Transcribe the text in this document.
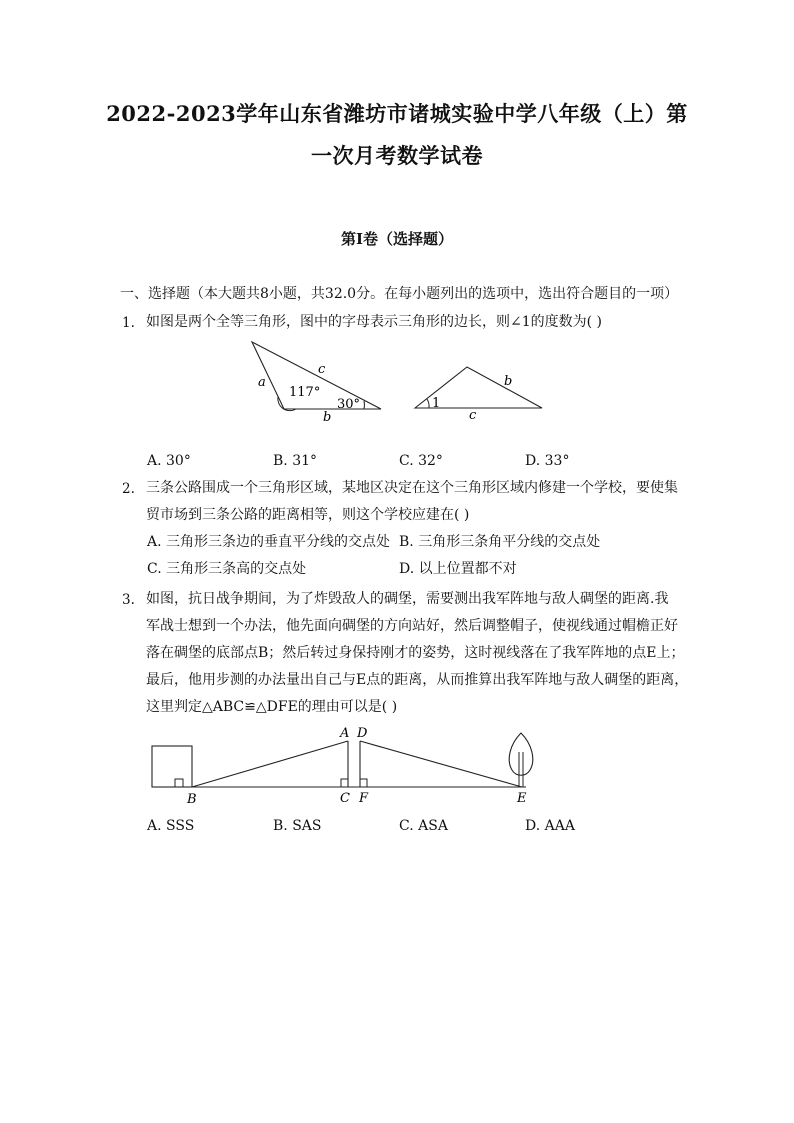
2022-2023学年山东省潍坊市诸城实验中学八年级（上）第
一次月考数学试卷
第I卷（选择题）
一、选择题（本大题共8小题，共32.0分。在每小题列出的选项中，选出符合题目的一项）
1. 如图是两个全等三角形，图中的字母表示三角形的边长，则∠1的度数为( )
a
c
117°
30°
b
1
b
c
A. 30°	B. 31°	C. 32°	D. 33°
2. 三条公路围成一个三角形区域，某地区决定在这个三角形区域内修建一个学校，要使集
贸市场到三条公路的距离相等，则这个学校应建在( )
A. 三角形三条边的垂直平分线的交点处 B. 三角形三条角平分线的交点处
C. 三角形三条高的交点处	D. 以上位置都不对
3. 如图，抗日战争期间，为了炸毁敌人的碉堡，需要测出我军阵地与敌人碉堡的距离.我
军战士想到一个办法，他先面向碉堡的方向站好，然后调整帽子，使视线通过帽檐正好
落在碉堡的底部点B；然后转过身保持刚才的姿势，这时视线落在了我军阵地的点E上；
最后，他用步测的办法量出自己与E点的距离，从而推算出我军阵地与敌人碉堡的距离，
这里判定△ABC≌△DFE的理由可以是( )
A D
B	C F	E
A. SSS	B. SAS	C. ASA	D. AAA
